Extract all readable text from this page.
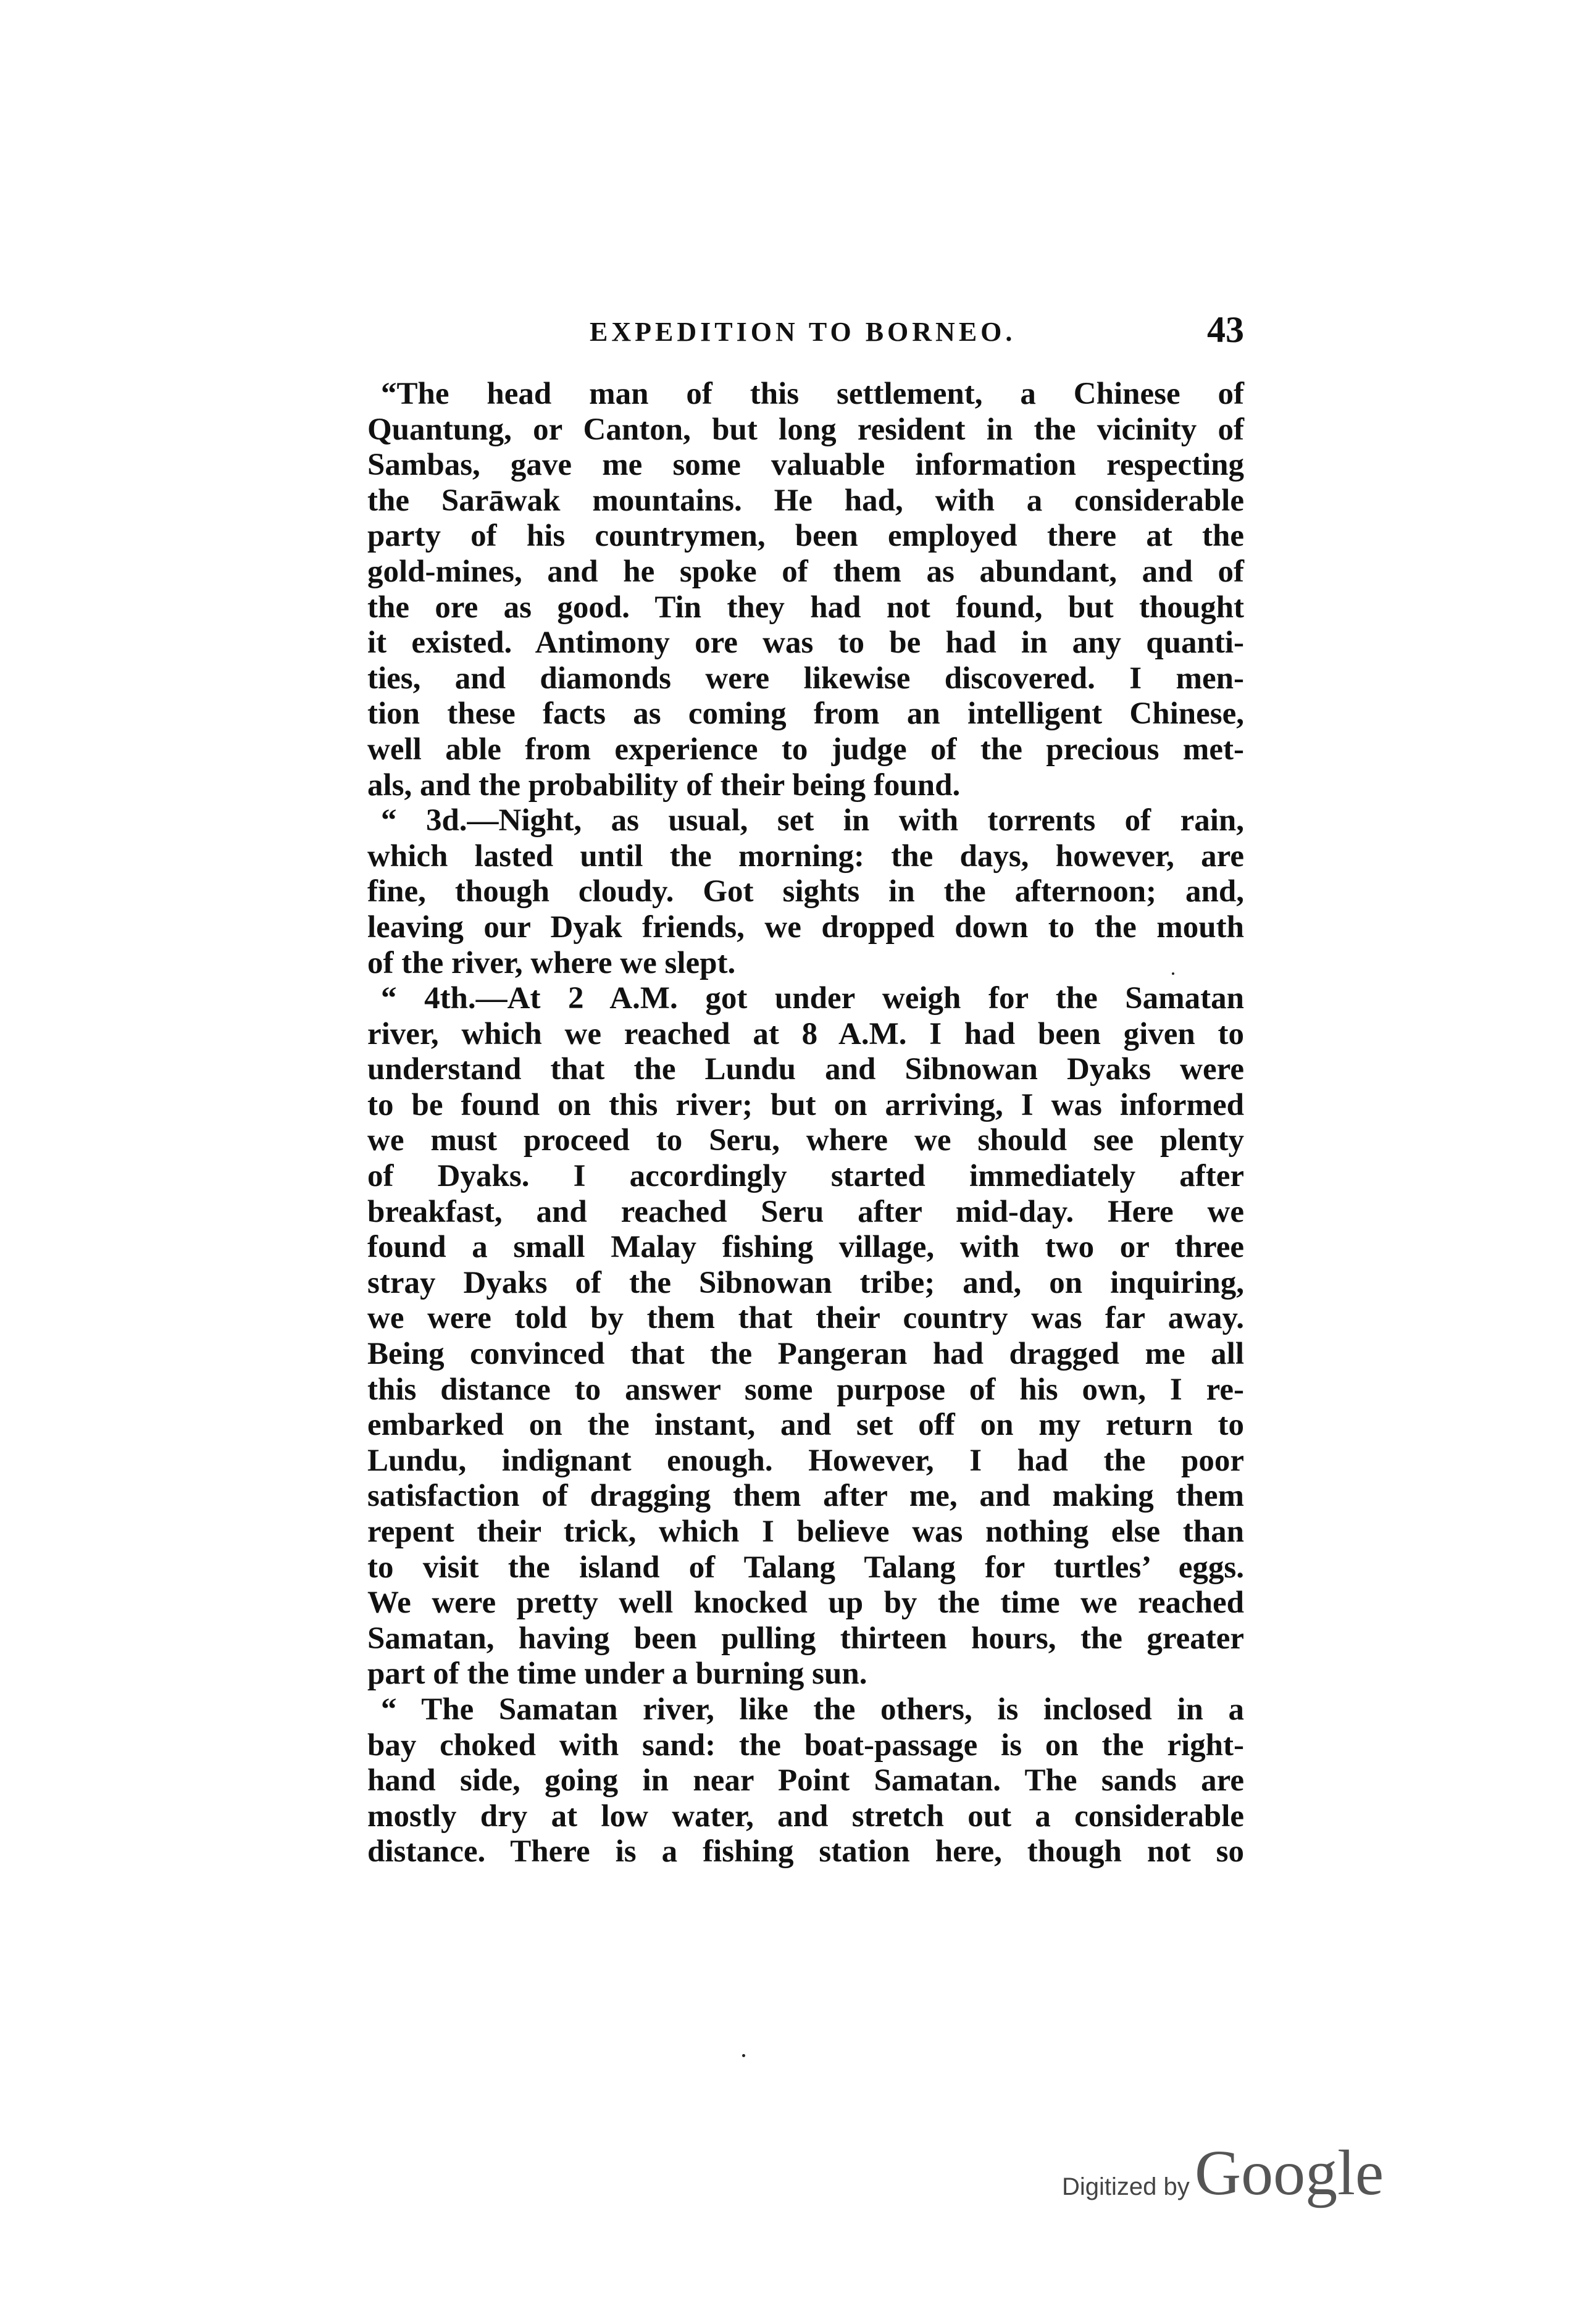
EXPEDITION TO BORNEO.	43
“The head man of this settlement, a Chinese of
Quantung, or Canton, but long resident in the vicinity of
Sambas, gave me some valuable information respecting
the Sarāwak mountains. He had, with a considerable
party of his countrymen, been employed there at the
gold-mines, and he spoke of them as abundant, and of
the ore as good. Tin they had not found, but thought
it existed. Antimony ore was to be had in any quanti-
ties, and diamonds were likewise discovered. I men-
tion these facts as coming from an intelligent Chinese,
well able from experience to judge of the precious met-
als, and the probability of their being found.
“ 3d.—Night, as usual, set in with torrents of rain,
which lasted until the morning: the days, however, are
fine, though cloudy. Got sights in the afternoon; and,
leaving our Dyak friends, we dropped down to the mouth
of the river, where we slept.
“ 4th.—At 2 A.M. got under weigh for the Samatan
river, which we reached at 8 A.M. I had been given to
understand that the Lundu and Sibnowan Dyaks were
to be found on this river; but on arriving, I was informed
we must proceed to Seru, where we should see plenty
of Dyaks. I accordingly started immediately after
breakfast, and reached Seru after mid-day. Here we
found a small Malay fishing village, with two or three
stray Dyaks of the Sibnowan tribe; and, on inquiring,
we were told by them that their country was far away.
Being convinced that the Pangeran had dragged me all
this distance to answer some purpose of his own, I re-
embarked on the instant, and set off on my return to
Lundu, indignant enough. However, I had the poor
satisfaction of dragging them after me, and making them
repent their trick, which I believe was nothing else than
to visit the island of Talang Talang for turtles’ eggs.
We were pretty well knocked up by the time we reached
Samatan, having been pulling thirteen hours, the greater
part of the time under a burning sun.
“ The Samatan river, like the others, is inclosed in a
bay choked with sand: the boat-passage is on the right-
hand side, going in near Point Samatan. The sands are
mostly dry at low water, and stretch out a considerable
distance. There is a fishing station here, though not so
Digitized by Google
